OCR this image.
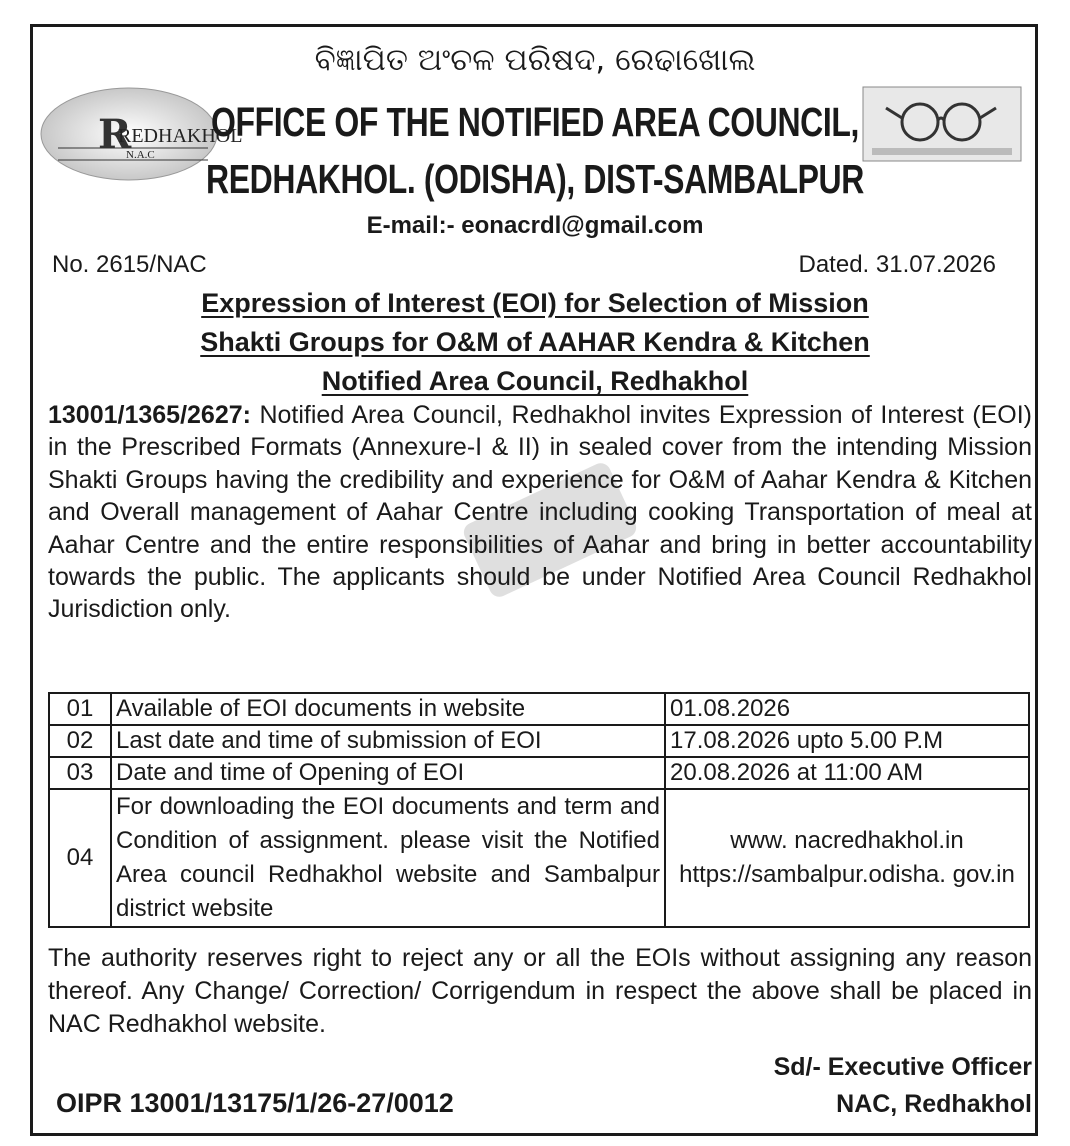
R
REDHAKHOL
N.A.C
ବିଜ୍ଞାପିତ ଅଂଚଳ ପରିଷଦ, ରେଢାଖୋଲ
OFFICE OF THE NOTIFIED AREA COUNCIL,
REDHAKHOL. (ODISHA), DIST-SAMBALPUR
E-mail:- eonacrdl@gmail.com
No. 2615/NAC	Dated. 31.07.2026
Expression of Interest (EOI) for Selection of Mission
Shakti Groups for O&M of AAHAR Kendra & Kitchen
Notified Area Council, Redhakhol
13001/1365/2627: Notified Area Council, Redhakhol invites Expression of Interest (EOI) in the Prescribed Formats (Annexure-I & II) in sealed cover from the intending Mission Shakti Groups having the credibility and experience for O&M of Aahar Kendra & Kitchen and Overall management of Aahar Centre including cooking Transportation of meal at Aahar Centre and the entire responsibilities of Aahar and bring in better accountability towards the public. The applicants should be under Notified Area Council Redhakhol Jurisdiction only.
01	Available of EOI documents in website	01.08.2026
02	Last date and time of submission of EOI	17.08.2026 upto 5.00 P.M
03	Date and time of Opening of EOI	20.08.2026 at 11:00 AM
04	For downloading the EOI documents and term and Condition of assignment. please visit the Notified Area council Redhakhol website and Sambalpur district website	www. nacredhakhol.in https://sambalpur.odisha. gov.in
The authority reserves right to reject any or all the EOIs without assigning any reason thereof. Any Change/ Correction/ Corrigendum in respect the above shall be placed in NAC Redhakhol website.
Sd/- Executive Officer
NAC, Redhakhol
OIPR 13001/13175/1/26-27/0012
